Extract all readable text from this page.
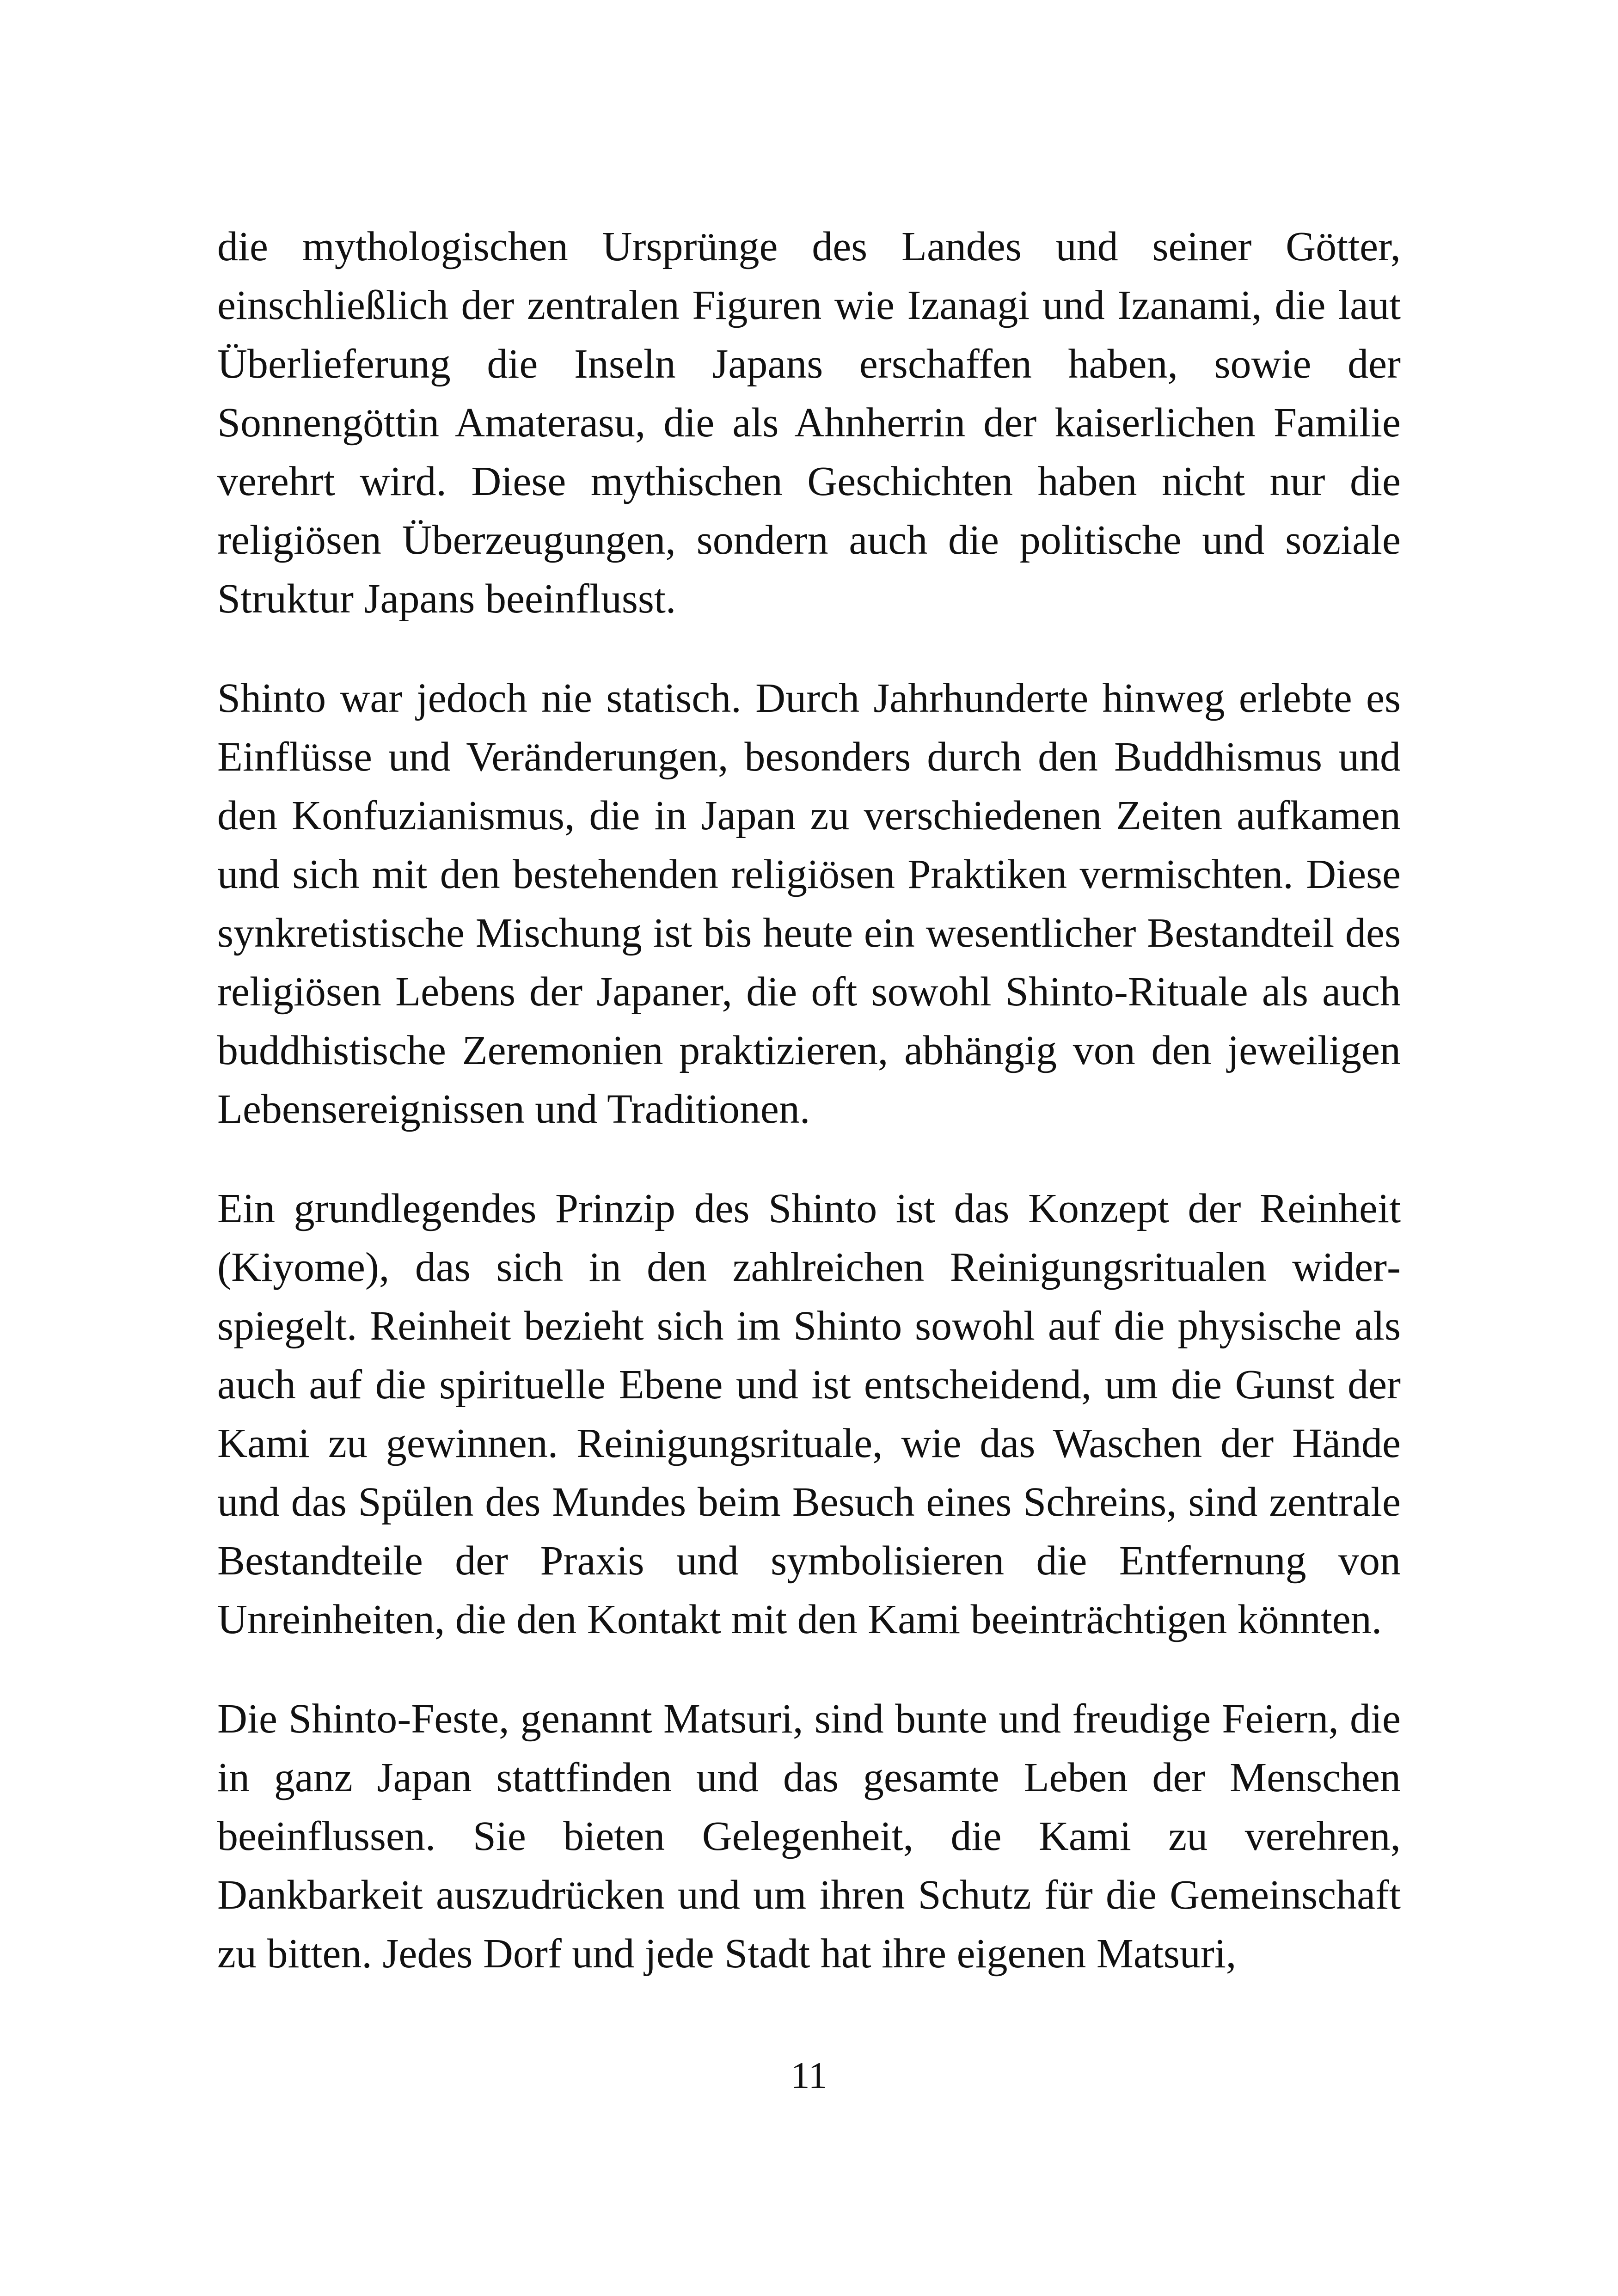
die mythologischen Ursprünge des Landes und seiner Götter, einschließlich der zentralen Figuren wie Izanagi und Izanami, die laut Überlieferung die Inseln Japans erschaffen haben, sowie der Sonnengöttin Amaterasu, die als Ahnherrin der kaiserlichen Familie verehrt wird. Diese mythischen Geschichten haben nicht nur die religiösen Überzeugungen, sondern auch die politische und soziale Struktur Japans beeinflusst.

Shinto war jedoch nie statisch. Durch Jahrhunderte hinweg erlebte es Einflüsse und Veränderungen, besonders durch den Buddhismus und den Konfuzianismus, die in Japan zu verschiedenen Zeiten aufkamen und sich mit den bestehenden religiösen Praktiken vermischten. Diese synkretistische Mischung ist bis heute ein wesentlicher Bestandteil des religiösen Lebens der Japaner, die oft sowohl Shinto-Rituale als auch buddhistische Zeremonien praktizieren, abhängig von den jeweiligen Lebensereignissen und Traditionen.

Ein grundlegendes Prinzip des Shinto ist das Konzept der Reinheit (Kiyome), das sich in den zahlreichen Reinigungsritualen widerspiegelt. Reinheit bezieht sich im Shinto sowohl auf die physische als auch auf die spirituelle Ebene und ist entscheidend, um die Gunst der Kami zu gewinnen. Reinigungsrituale, wie das Waschen der Hände und das Spülen des Mundes beim Besuch eines Schreins, sind zentrale Bestandteile der Praxis und symbolisieren die Entfernung von Unreinheiten, die den Kontakt mit den Kami beeinträchtigen könnten.

Die Shinto-Feste, genannt Matsuri, sind bunte und freudige Feiern, die in ganz Japan stattfinden und das gesamte Leben der Menschen beeinflussen. Sie bieten Gelegenheit, die Kami zu verehren, Dankbarkeit auszudrücken und um ihren Schutz für die Gemeinschaft zu bitten. Jedes Dorf und jede Stadt hat ihre eigenen Matsuri,

11
